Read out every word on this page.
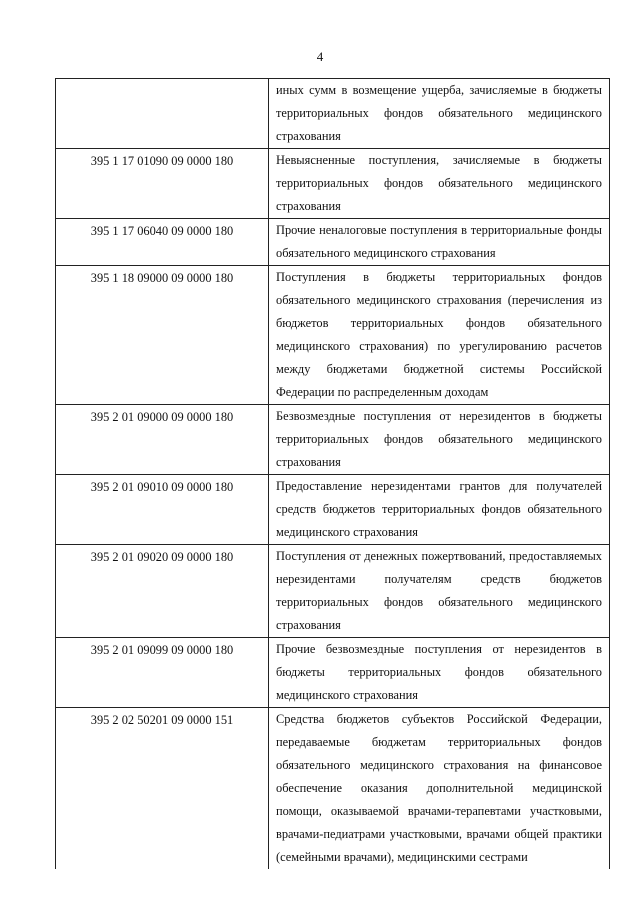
4
	иных сумм в возмещение ущерба, зачисляемые в бюджеты территориальных фондов обязательного медицинского страхования
395 1 17 01090 09 0000 180	Невыясненные поступления, зачисляемые в бюджеты территориальных фондов обязательного медицинского страхования
395 1 17 06040 09 0000 180	Прочие неналоговые поступления в территориальные фонды обязательного медицинского страхования
395 1 18 09000 09 0000 180	Поступления в бюджеты территориальных фондов обязательного медицинского страхования (перечисления из бюджетов территориальных фондов обязательного медицинского страхования) по урегулированию расчетов между бюджетами бюджетной системы Российской Федерации по распределенным доходам
395 2 01 09000 09 0000 180	Безвозмездные поступления от нерезидентов в бюджеты территориальных фондов обязательного медицинского страхования
395 2 01 09010 09 0000 180	Предоставление нерезидентами грантов для получателей средств бюджетов территориальных фондов обязательного медицинского страхования
395 2 01 09020 09 0000 180	Поступления от денежных пожертвований, предоставляемых нерезидентами получателям средств бюджетов территориальных фондов обязательного медицинского страхования
395 2 01 09099 09 0000 180	Прочие безвозмездные поступления от нерезидентов в бюджеты территориальных фондов обязательного медицинского страхования
395 2 02 50201 09 0000 151	Средства бюджетов субъектов Российской Федерации, передаваемые бюджетам территориальных фондов обязательного медицинского страхования на финансовое обеспечение оказания дополнительной медицинской помощи, оказываемой врачами-терапевтами участковыми, врачами-педиатрами участковыми, врачами общей практики (семейными врачами), медицинскими сестрами
